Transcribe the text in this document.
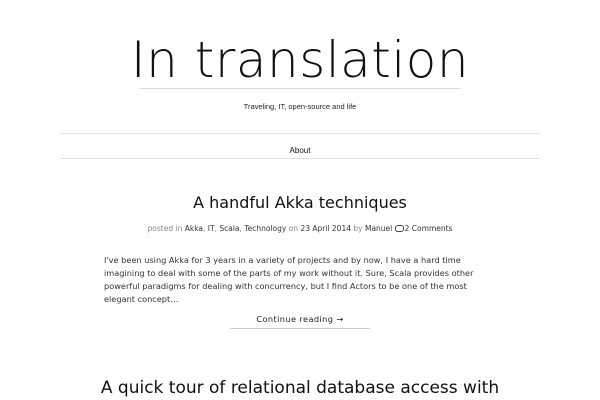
In translation
Traveling, IT, open-source and life
About
A handful Akka techniques
posted in Akka, IT, Scala, Technology on 23 April 2014 by Manuel 2 Comments

I've been using Akka for 3 years in a variety of projects and by now, I have a hard time imagining to deal with some of the parts of my work without it. Sure, Scala provides other powerful paradigms for dealing with concurrency, but I find Actors to be one of the most elegant concept…

Continue reading →
A quick tour of relational database access with
